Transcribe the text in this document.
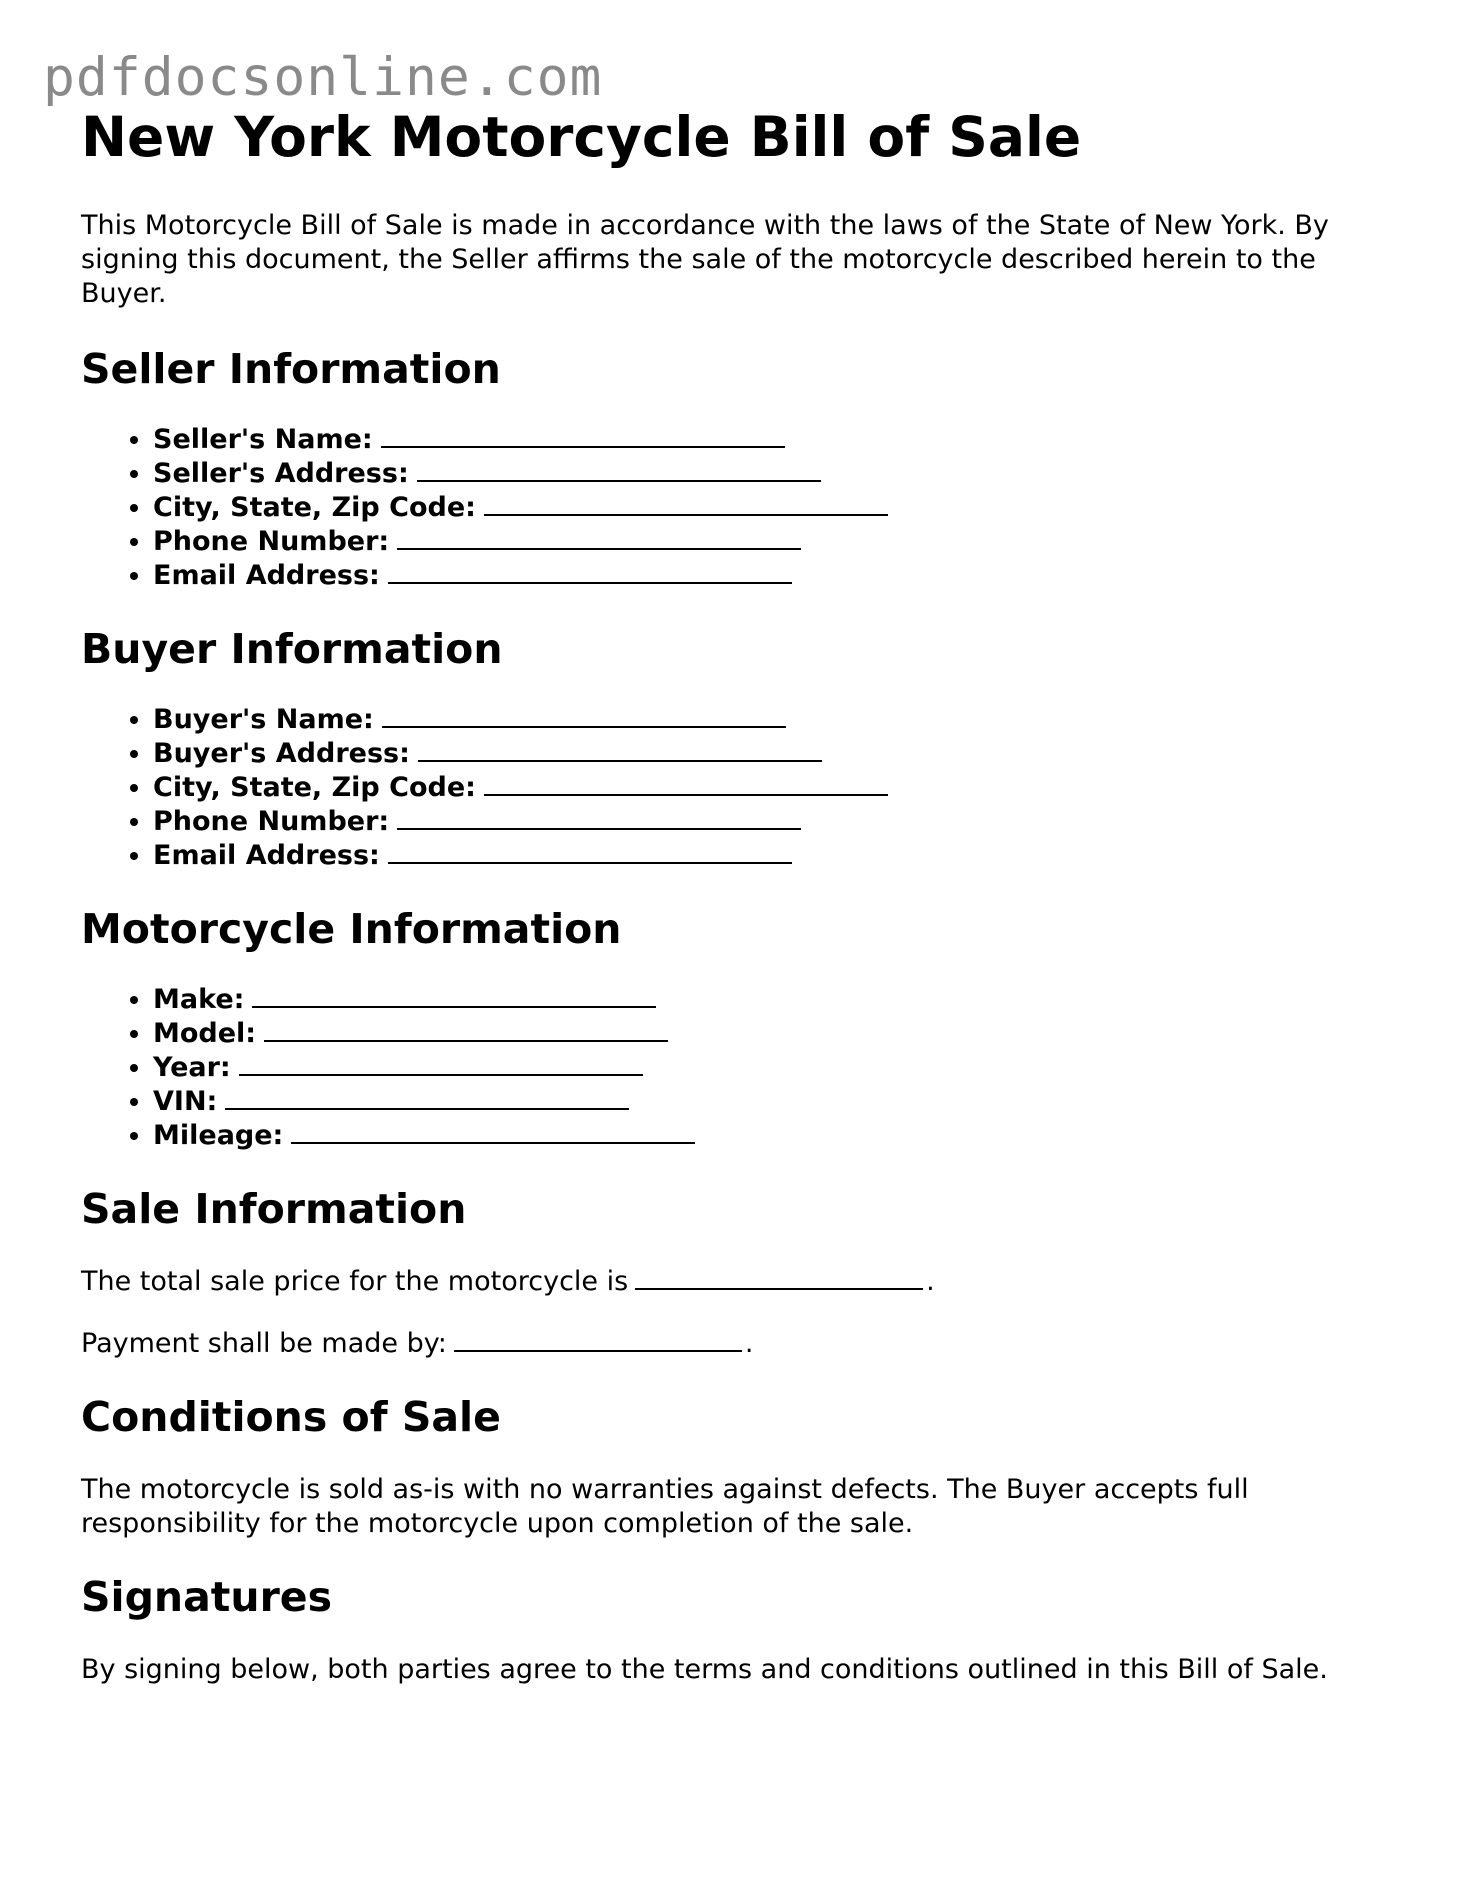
pdfdocsonline.com
New York Motorcycle Bill of Sale

This Motorcycle Bill of Sale is made in accordance with the laws of the State of New York. By signing this document, the Seller affirms the sale of the motorcycle described herein to the Buyer.

Seller Information
• Seller's Name:
• Seller's Address:
• City, State, Zip Code:
• Phone Number:
• Email Address:
Buyer Information
• Buyer's Name:
• Buyer's Address:
• City, State, Zip Code:
• Phone Number:
• Email Address:
Motorcycle Information
• Make:
• Model:
• Year:
• VIN:
• Mileage:
Sale Information

The total sale price for the motorcycle is	.

Payment shall be made by:	.

Conditions of Sale

The motorcycle is sold as-is with no warranties against defects. The Buyer accepts full responsibility for the motorcycle upon completion of the sale.

Signatures

By signing below, both parties agree to the terms and conditions outlined in this Bill of Sale.
